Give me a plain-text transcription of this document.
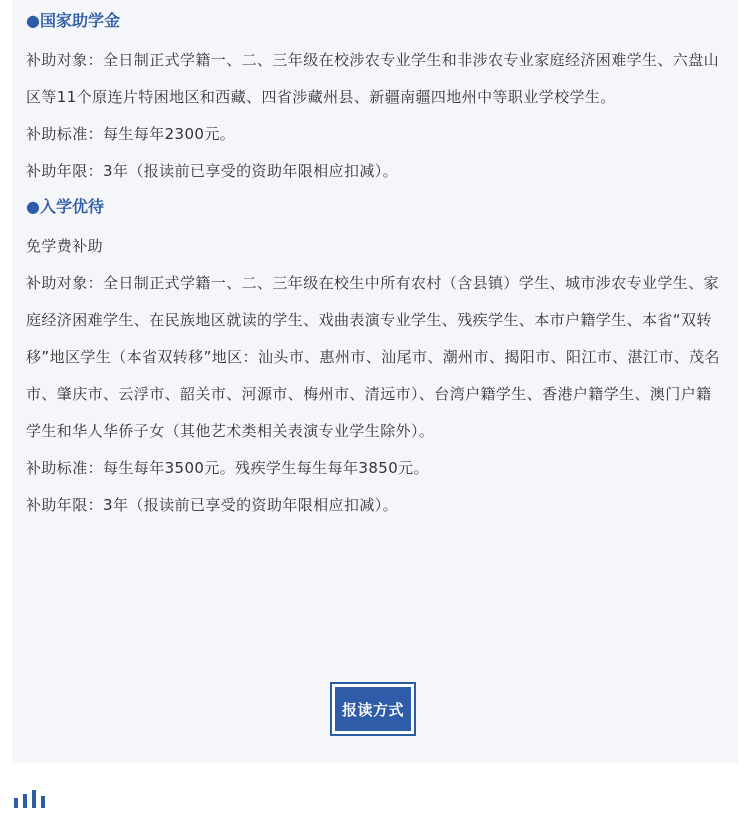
●国家助学金

补助对象：全日制正式学籍一、二、三年级在校涉农专业学生和非涉农专业家庭经济困难学生、六盘山区等11个原连片特困地区和西藏、四省涉藏州县、新疆南疆四地州中等职业学校学生。

补助标准：每生每年2300元。

补助年限：3年（报读前已享受的资助年限相应扣减）。

●入学优待

免学费补助

补助对象：全日制正式学籍一、二、三年级在校生中所有农村（含县镇）学生、城市涉农专业学生、家庭经济困难学生、在民族地区就读的学生、戏曲表演专业学生、残疾学生、本市户籍学生、本省“双转移”地区学生（本省双转移”地区：汕头市、惠州市、汕尾市、潮州市、揭阳市、阳江市、湛江市、茂名市、肇庆市、云浮市、韶关市、河源市、梅州市、清远市）、台湾户籍学生、香港户籍学生、澳门户籍学生和华人华侨子女（其他艺术类相关表演专业学生除外）。

补助标准：每生每年3500元。残疾学生每生每年3850元。

补助年限：3年（报读前已享受的资助年限相应扣减）。

报读方式
